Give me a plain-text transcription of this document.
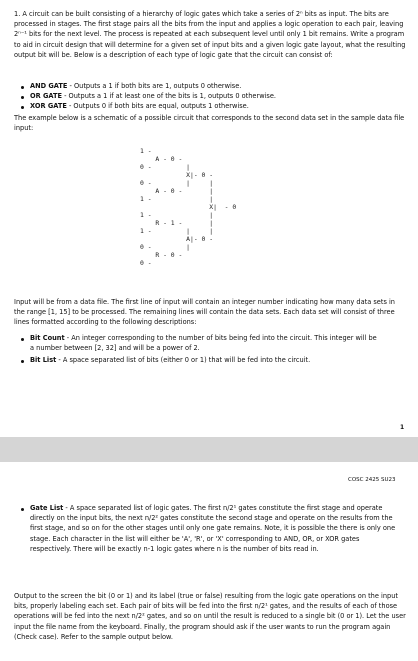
1. A circuit can be built consisting of a hierarchy of logic gates which take a series of 2ⁿ bits as input. The bits are processed in stages. The first stage pairs all the bits from the input and applies a logic operation to each pair, leaving 2ⁿ⁻¹ bits for the next level. The process is repeated at each subsequent level until only 1 bit remains. Write a program to aid in circuit design that will determine for a given set of input bits and a given logic gate layout, what the resulting output bit will be. Below is a description of each type of logic gate that the circuit can consist of:

AND GATE - Outputs a 1 if both bits are 1, outputs 0 otherwise.
OR GATE - Outputs a 1 if at least one of the bits is 1, outputs 0 otherwise.
XOR GATE - Outputs 0 if both bits are equal, outputs 1 otherwise.

The example below is a schematic of a possible circuit that corresponds to the second data set in the sample data file input:

1 -
A - 0 -
0 -         |
X|- 0 -
0 -         |     |
A - 0 -       |
1 -               |
X|  - 0
1 -               |
R - 1 -       |
1 -         |     |
A|- 0 -
0 -         |
R - 0 -
0 -

Input will be from a data file. The first line of input will contain an integer number indicating how many data sets in the range [1, 15] to be processed. The remaining lines will contain the data sets. Each data set will consist of three lines formatted according to the following descriptions:

Bit Count - An integer corresponding to the number of bits being fed into the circuit. This integer will be a number between [2, 32] and will be a power of 2.
Bit List - A space separated list of bits (either 0 or 1) that will be fed into the circuit.
1
COSC 2425 SU23
Gate List - A space separated list of logic gates. The first n/2¹ gates constitute the first stage and operate directly on the input bits, the next n/2² gates constitute the second stage and operate on the results from the first stage, and so on for the other stages until only one gate remains. Note, it is possible the there is only one stage. Each character in the list will either be 'A', 'R', or 'X' corresponding to AND, OR, or XOR gates respectively. There will be exactly n-1 logic gates where n is the number of bits read in.

Output to the screen the bit (0 or 1) and its label (true or false) resulting from the logic gate operations on the input bits, properly labeling each set. Each pair of bits will be fed into the first n/2¹ gates, and the results of each of those operations will be fed into the next n/2² gates, and so on until the result is reduced to a single bit (0 or 1). Let the user input the file name from the keyboard. Finally, the program should ask if the user wants to run the program again (Check case). Refer to the sample output below.
